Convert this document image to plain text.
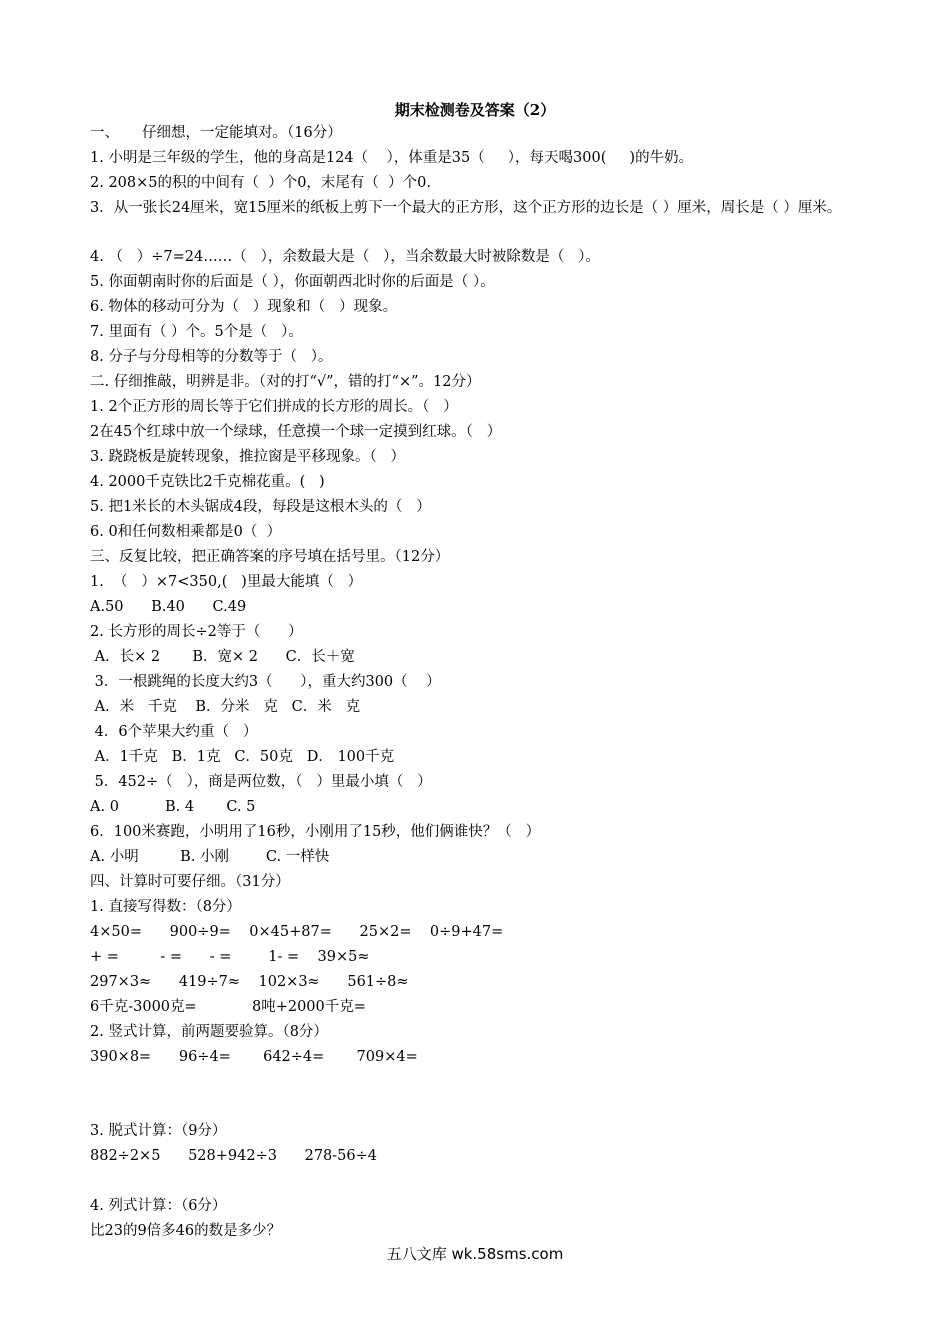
期末检测卷及答案（2）
一、     仔细想，一定能填对。（16分）
1. 小明是三年级的学生，他的身高是124（    ），体重是35（     ），每天喝300(     )的牛奶。
2. 208×5的积的中间有（  ）个0，末尾有（  ）个0.
3．从一张长24厘米，宽15厘米的纸板上剪下一个最大的正方形，这个正方形的边长是（ ）厘米，周长是（ ）厘米。
4. （   ）÷7=24……（   ），余数最大是（   ），当余数最大时被除数是（   ）。
5. 你面朝南时你的后面是（ ），你面朝西北时你的后面是（ ）。
6. 物体的移动可分为（   ）现象和（   ）现象。
7. 里面有（ ）个。5个是（   ）。
8. 分子与分母相等的分数等于（   ）。
二. 仔细推敲，明辨是非。（对的打“√”，错的打“×”。12分）
1. 2个正方形的周长等于它们拼成的长方形的周长。（   ）
2在45个红球中放一个绿球，任意摸一个球一定摸到红球。（   ）
3. 跷跷板是旋转现象，推拉窗是平移现象。（   ）
4. 2000千克铁比2千克棉花重。(   )
5. 把1米长的木头锯成4段，每段是这根木头的（   ）
6. 0和任何数相乘都是0（  ）
三、反复比较，把正确答案的序号填在括号里。（12分）
1.  （   ）×7<350,(   )里最大能填（   ）
A.50      B.40      C.49
2. 长方形的周长÷2等于（      ）
A．长× 2       B．宽× 2      C．长＋宽
3．一根跳绳的长度大约3（      ），重大约300（    ）
A．米   千克    B．分米   克   C．米   克
4．6个苹果大约重（   ）
A．1千克   B．1克   C．50克   D． 100千克
5．452÷（   ），商是两位数，（   ）里最小填（   ）
A. 0          B. 4       C. 5
6．100米赛跑，小明用了16秒，小刚用了15秒，他们俩谁快？（   ）
A. 小明         B. 小刚        C. 一样快
四、计算时可要仔细。（31分）
1. 直接写得数：（8分）
4×50=      900÷9=    0×45+87=      25×2=    0÷9+47=
+ =         - =      - =        1- =    39×5≈
297×3≈      419÷7≈    102×3≈      561÷8≈
6千克-3000克=            8吨+2000千克=
2. 竖式计算，前两题要验算。（8分）
390×8=      96÷4=       642÷4=       709×4=
3. 脱式计算：（9分）
882÷2×5      528+942÷3      278-56÷4
4. 列式计算：（6分）
比23的9倍多46的数是多少？
五八文库 wk.58sms.com
